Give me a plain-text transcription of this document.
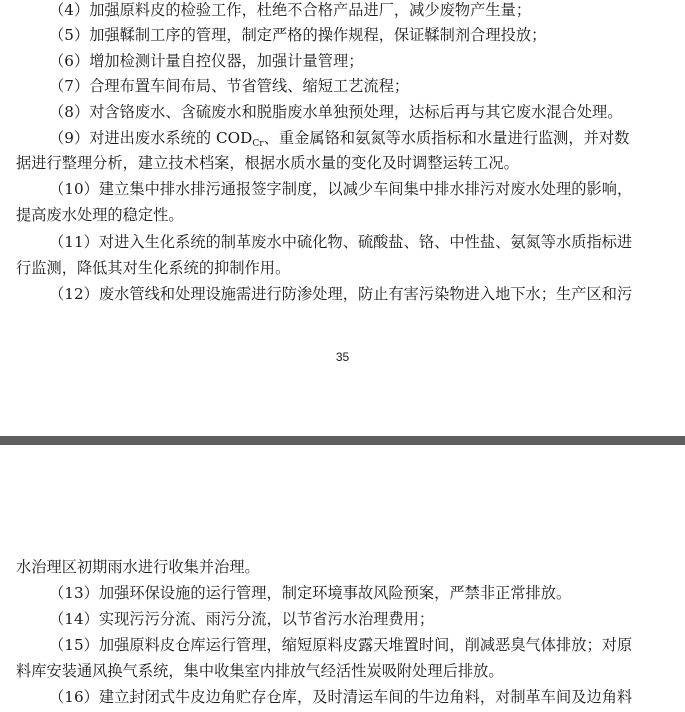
（4）加强原料皮的检验工作，杜绝不合格产品进厂，减少废物产生量；
（5）加强鞣制工序的管理，制定严格的操作规程，保证鞣制剂合理投放；
（6）增加检测计量自控仪器，加强计量管理；
（7）合理布置车间布局、节省管线、缩短工艺流程；
（8）对含铬废水、含硫废水和脱脂废水单独预处理，达标后再与其它废水混合处理。
（9）对进出废水系统的 $COD_{Cr}$、重金属铬和氨氮等水质指标和水量进行监测，并对数
据进行整理分析，建立技术档案，根据水质水量的变化及时调整运转工况。
（10）建立集中排水排污通报签字制度，以减少车间集中排水排污对废水处理的影响，
提高废水处理的稳定性。
（11）对进入生化系统的制革废水中硫化物、硫酸盐、铬、中性盐、氨氮等水质指标进
行监测，降低其对生化系统的抑制作用。
（12）废水管线和处理设施需进行防渗处理，防止有害污染物进入地下水；生产区和污
35
水治理区初期雨水进行收集并治理。
（13）加强环保设施的运行管理，制定环境事故风险预案，严禁非正常排放。
（14）实现污污分流、雨污分流，以节省污水治理费用；
（15）加强原料皮仓库运行管理，缩短原料皮露天堆置时间，削减恶臭气体排放；对原
料库安装通风换气系统，集中收集室内排放气经活性炭吸附处理后排放。
（16）建立封闭式牛皮边角贮存仓库，及时清运车间的牛边角料，对制革车间及边角料
